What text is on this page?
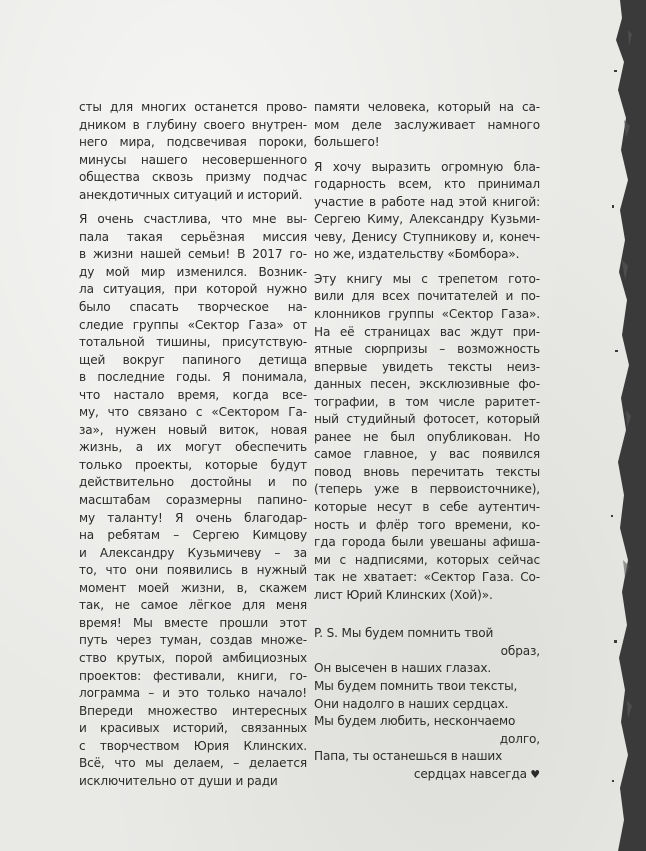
сты для многих останется прово-
дником в глубину своего внутрен-
него мира, подсвечивая пороки,
минусы нашего несовершенного
общества сквозь призму подчас
анекдотичных ситуаций и историй.
Я очень счастлива, что мне вы-
пала такая серьёзная миссия
в жизни нашей семьи! В 2017 го-
ду мой мир изменился. Возник-
ла ситуация, при которой нужно
было спасать творческое на-
следие группы «Сектор Газа» от
тотальной тишины, присутствую-
щей вокруг папиного детища
в последние годы. Я понимала,
что настало время, когда все-
му, что связано с «Сектором Га-
за», нужен новый виток, новая
жизнь, а их могут обеспечить
только проекты, которые будут
действительно достойны и по
масштабам соразмерны папино-
му таланту! Я очень благодар-
на ребятам – Сергею Кимцову
и Александру Кузьмичеву – за
то, что они появились в нужный
момент моей жизни, в, скажем
так, не самое лёгкое для меня
время! Мы вместе прошли этот
путь через туман, создав множе-
ство крутых, порой амбициозных
проектов: фестивали, книги, го-
лограмма – и это только начало!
Впереди множество интересных
и красивых историй, связанных
с творчеством Юрия Клинских.
Всё, что мы делаем, – делается
исключительно от души и ради
памяти человека, который на са-
мом деле заслуживает намного
большего!
Я хочу выразить огромную бла-
годарность всем, кто принимал
участие в работе над этой книгой:
Сергею Киму, Александру Кузьми-
чеву, Денису Ступникову и, конеч-
но же, издательству «Бомбора».
Эту книгу мы с трепетом гото-
вили для всех почитателей и по-
клонников группы «Сектор Газа».
На её страницах вас ждут при-
ятные сюрпризы – возможность
впервые увидеть тексты неиз-
данных песен, эксклюзивные фо-
тографии, в том числе раритет-
ный студийный фотосет, который
ранее не был опубликован. Но
самое главное, у вас появился
повод вновь перечитать тексты
(теперь уже в первоисточнике),
которые несут в себе аутентич-
ность и флёр того времени, ко-
гда города были увешаны афиша-
ми с надписями, которых сейчас
так не хватает: «Сектор Газа. Со-
лист Юрий Клинских (Хой)».
P. S. Мы будем помнить твой
образ,
Он высечен в наших глазах.
Мы будем помнить твои тексты,
Они надолго в наших сердцах.
Мы будем любить, нескончаемо
долго,
Папа, ты останешься в наших
сердцах навсегда ♥
